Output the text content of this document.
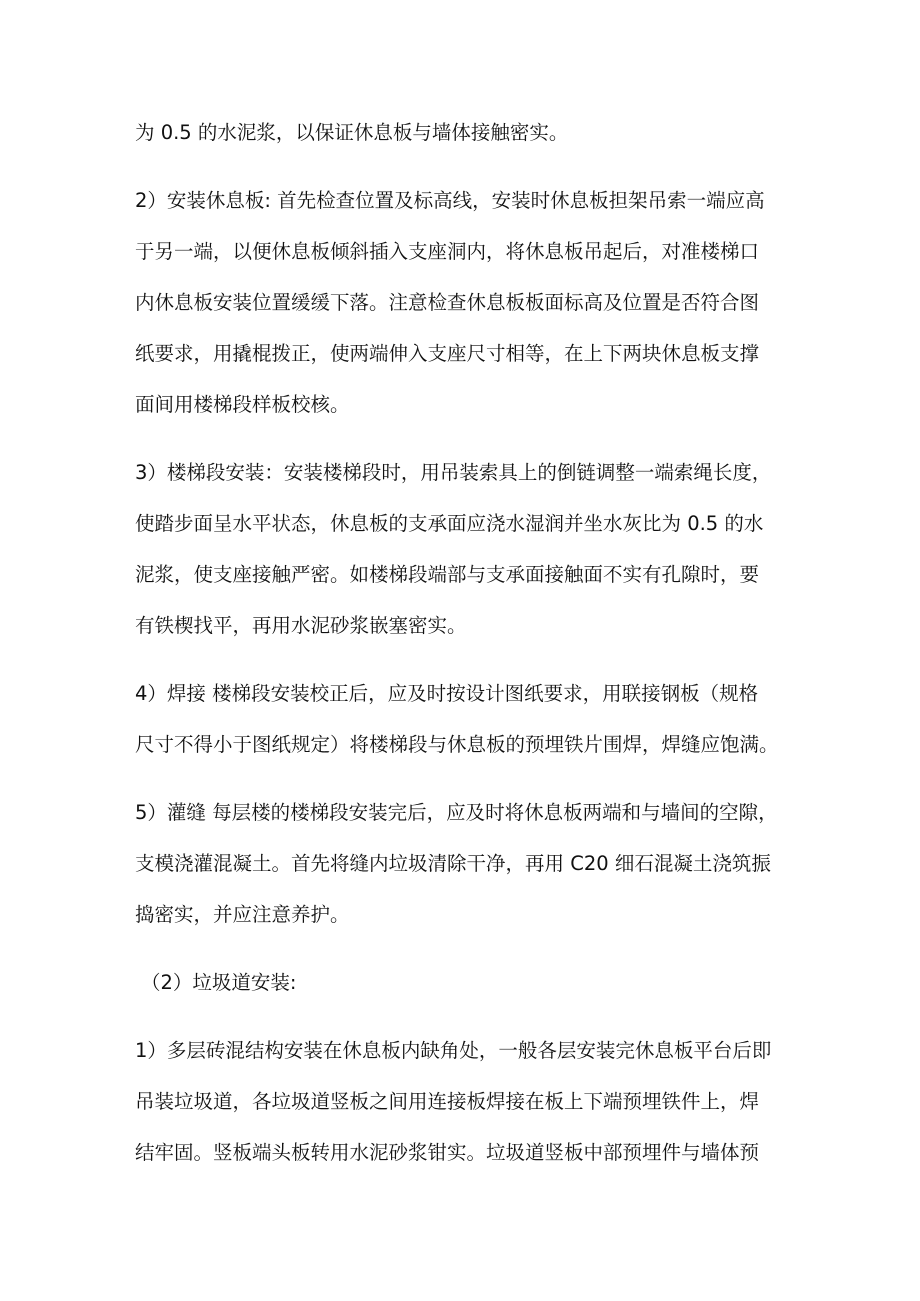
为 0.5 的水泥浆，以保证休息板与墙体接触密实。

2）安装休息板: 首先检查位置及标高线，安装时休息板担架吊索一端应高

于另一端，以便休息板倾斜插入支座洞内，将休息板吊起后，对准楼梯口

内休息板安装位置缓缓下落。注意检查休息板板面标高及位置是否符合图

纸要求，用撬棍拨正，使两端伸入支座尺寸相等，在上下两块休息板支撑

面间用楼梯段样板校核。

3）楼梯段安装：安装楼梯段时，用吊装索具上的倒链调整一端索绳长度，

使踏步面呈水平状态，休息板的支承面应浇水湿润并坐水灰比为 0.5 的水

泥浆，使支座接触严密。如楼梯段端部与支承面接触面不实有孔隙时，要

有铁楔找平，再用水泥砂浆嵌塞密实。

4）焊接 楼梯段安装校正后，应及时按设计图纸要求，用联接钢板（规格

尺寸不得小于图纸规定）将楼梯段与休息板的预埋铁片围焊，焊缝应饱满。

5）灌缝 每层楼的楼梯段安装完后，应及时将休息板两端和与墙间的空隙，

支模浇灌混凝土。首先将缝内垃圾清除干净，再用 C20 细石混凝土浇筑振

捣密实，并应注意养护。

（2）垃圾道安装:

1）多层砖混结构安装在休息板内缺角处，一般各层安装完休息板平台后即

吊装垃圾道，各垃圾道竖板之间用连接板焊接在板上下端预埋铁件上，焊

结牢固。竖板端头板转用水泥砂浆钳实。垃圾道竖板中部预埋件与墙体预
